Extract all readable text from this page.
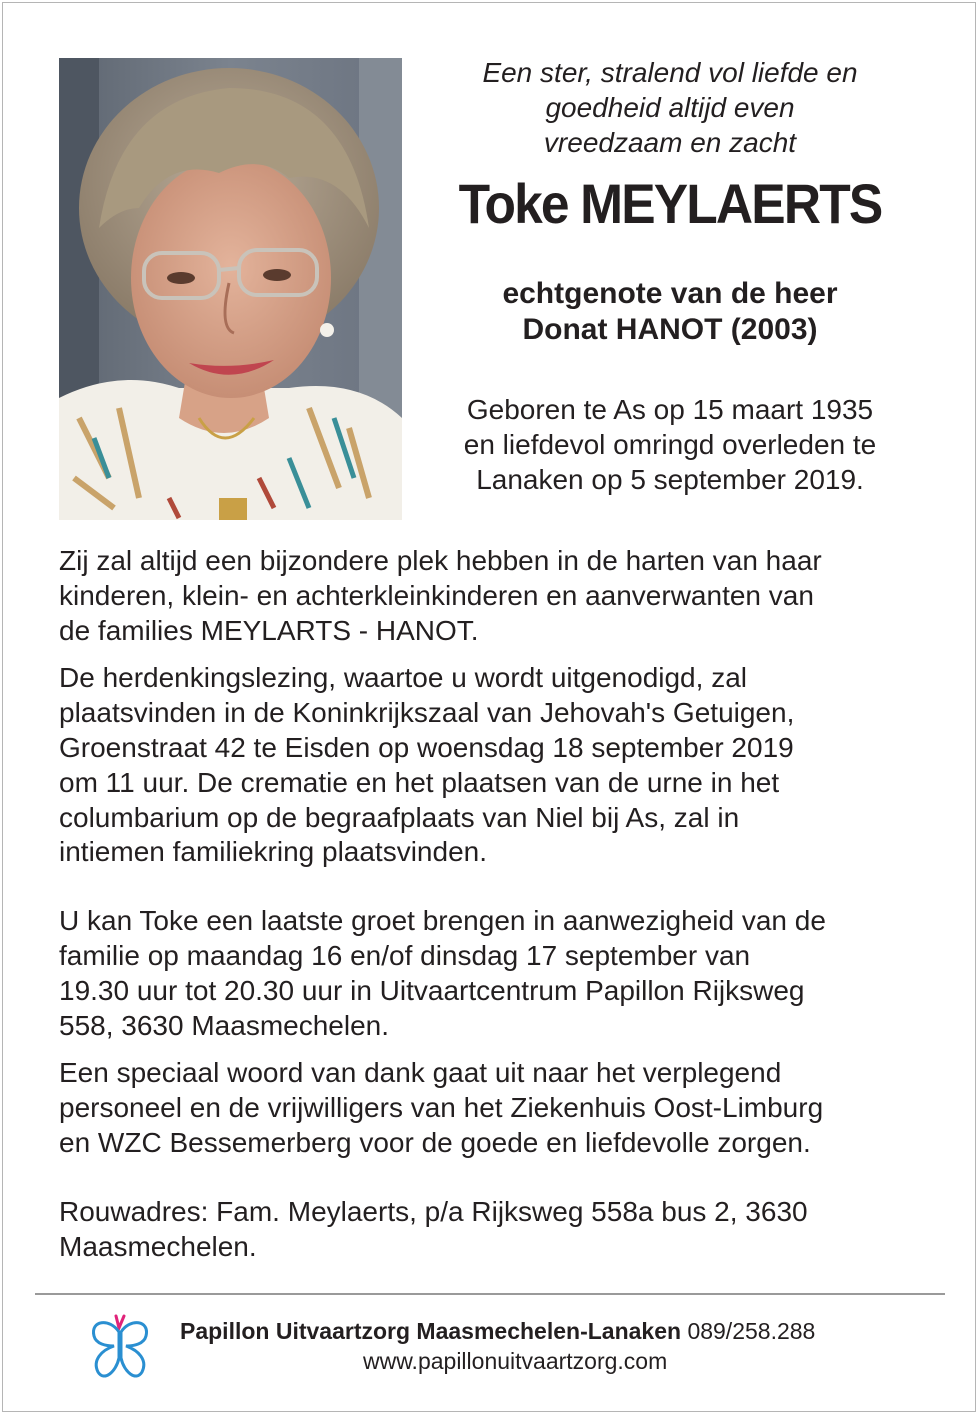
Een ster, stralend vol liefde en
goedheid altijd even
vreedzaam en zacht
Toke MEYLAERTS
echtgenote van de heer
Donat HANOT (2003)
Geboren te As op 15 maart 1935
en liefdevol omringd overleden te
Lanaken op 5 september 2019.

Zij zal altijd een bijzondere plek hebben in de harten van haar
kinderen, klein- en achterkleinkinderen en aanverwanten van
de families MEYLARTS - HANOT.

De herdenkingslezing, waartoe u wordt uitgenodigd, zal
plaatsvinden in de Koninkrijkszaal van Jehovah's Getuigen,
Groenstraat 42 te Eisden op woensdag 18 september 2019
om 11 uur. De crematie en het plaatsen van de urne in het
columbarium op de begraafplaats van Niel bij As, zal in
intiemen familiekring plaatsvinden.

U kan Toke een laatste groet brengen in aanwezigheid van de
familie op maandag 16 en/of dinsdag 17 september van
19.30 uur tot 20.30 uur in Uitvaartcentrum Papillon Rijksweg
558, 3630 Maasmechelen.

Een speciaal woord van dank gaat uit naar het verplegend
personeel en de vrijwilligers van het Ziekenhuis Oost-Limburg
en WZC Bessemerberg voor de goede en liefdevolle zorgen.

Rouwadres: Fam. Meylaerts, p/a Rijksweg 558a bus 2, 3630
Maasmechelen.

Papillon Uitvaartzorg Maasmechelen-Lanaken 089/258.288
www.papillonuitvaartzorg.com
